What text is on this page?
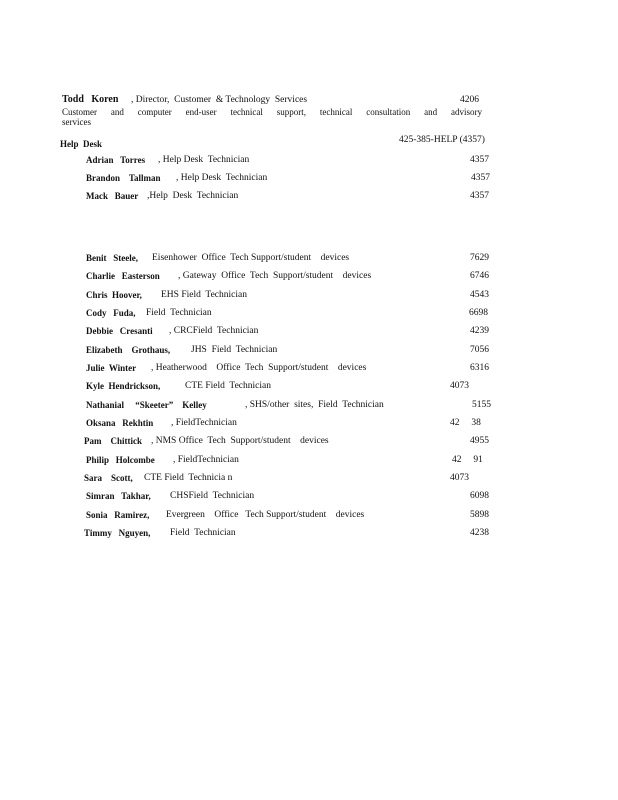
Todd   Koren , Director,  Customer  & Technology  Services	4206
Customer and computer end-user technical support, technical consultation and advisory
services
Help  Desk	425-385-HELP (4357)
Adrian   Torres , Help Desk  Technician	4357
Brandon    Tallman , Help Desk  Technician	4357
Mack   Bauer ,Help  Desk  Technician	4357
Benit   Steele, Eisenhower  Office  Tech Support/student    devices	7629
Charlie   Easterson , Gateway  Office  Tech  Support/student    devices	6746
Chris  Hoover, EHS Field  Technician	4543
Cody   Fuda, Field  Technician	6698
Debbie   Cresanti , CRCField  Technician	4239
Elizabeth    Grothaus, JHS  Field  Technician	7056
Julie  Winter , Heatherwood    Office  Tech  Support/student    devices	6316
Kyle  Hendrickson,	CTE Field  Technician	4073
Nathanial     “Skeeter”    Kelley	, SHS/other  sites,  Field  Technician	5155
Oksana   Rekhtin , FieldTechnician	42     38
Pam    Chittick , NMS Office  Tech  Support/student    devices	4955
Philip   Holcombe , FieldTechnician	42     91
Sara    Scott, CTE Field  Technicia n	4073
Simran   Takhar, CHSField  Technician	6098
Sonia   Ramirez, Evergreen    Office   Tech Support/student    devices	5898
Timmy   Nguyen, Field  Technician	4238
